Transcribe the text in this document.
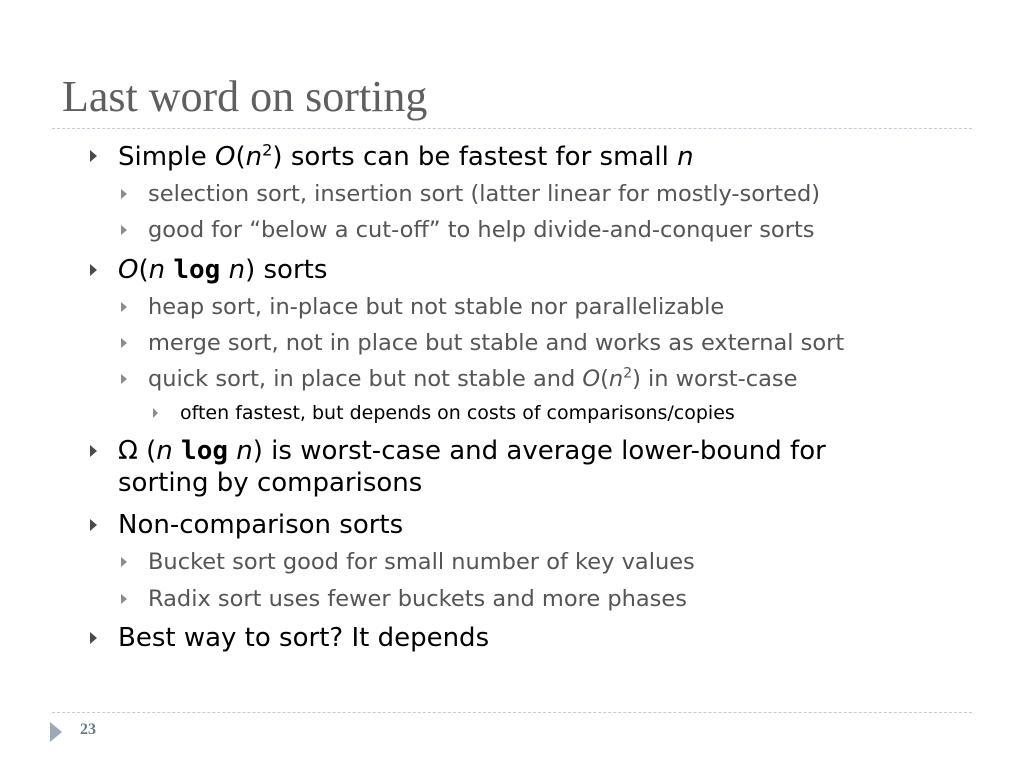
Last word on sorting
Simple $O(n^2)$ sorts can be fastest for small n
selection sort, insertion sort (latter linear for mostly-sorted)
good for “below a cut-off” to help divide-and-conquer sorts
O(n log n) sorts
heap sort, in-place but not stable nor parallelizable
merge sort, not in place but stable and works as external sort
quick sort, in place but not stable and $O(n^2)$ in worst-case
often fastest, but depends on costs of comparisons/copies
Ω (n log n) is worst-case and average lower-bound for sorting by comparisons
Non-comparison sorts
Bucket sort good for small number of key values
Radix sort uses fewer buckets and more phases
Best way to sort? It depends
23
